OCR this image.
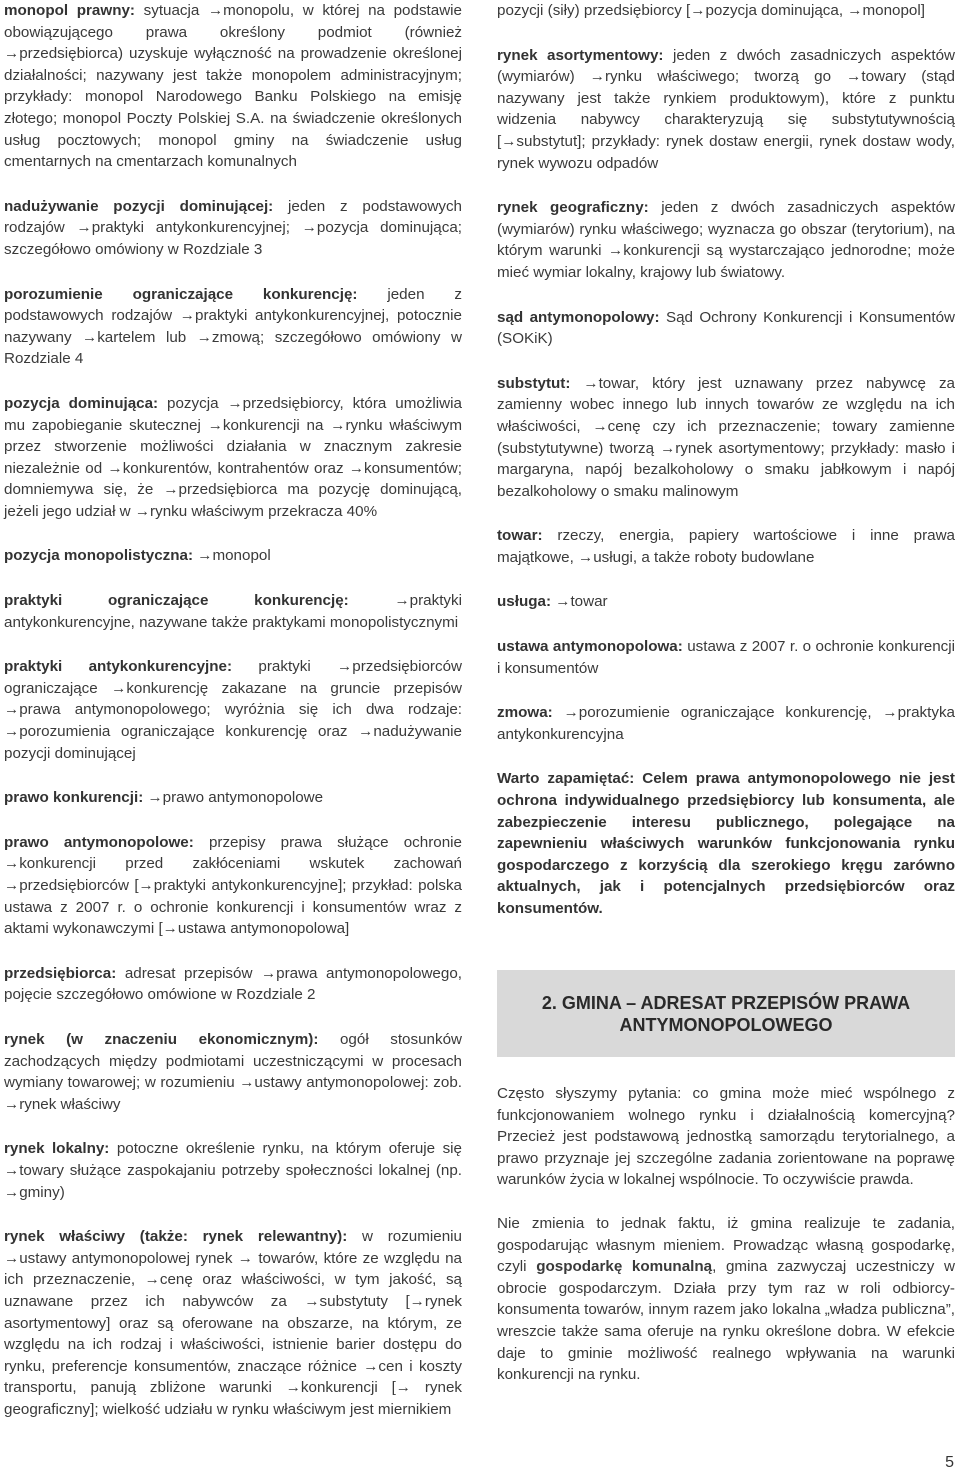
monopol prawny: sytuacja →monopolu, w której na podstawie obowiązującego prawa określony podmiot (również →przedsiębiorca) uzyskuje wyłączność na prowadzenie określonej działalności; nazywany jest także monopolem administracyjnym; przykłady: monopol Narodowego Banku Polskiego na emisję złotego; monopol Poczty Polskiej S.A. na świadczenie określonych usług pocztowych; monopol gminy na świadczenie usług cmentarnych na cmentarzach komunalnych

nadużywanie pozycji dominującej: jeden z podstawowych rodzajów →praktyki antykonkurencyjnej; →pozycja dominująca; szczegółowo omówiony w Rozdziale 3

porozumienie ograniczające konkurencję: jeden z podstawowych rodzajów →praktyki antykonkurencyjnej, potocznie nazywany →kartelem lub →zmową; szczegółowo omówiony w Rozdziale 4

pozycja dominująca: pozycja →przedsiębiorcy, która umożliwia mu zapobieganie skutecznej →konkurencji na →rynku właściwym przez stworzenie możliwości działania w znacznym zakresie niezależnie od →konkurentów, kontrahentów oraz →konsumentów; domniemywa się, że →przedsiębiorca ma pozycję dominującą, jeżeli jego udział w →rynku właściwym przekracza 40%

pozycja monopolistyczna: →monopol

praktyki ograniczające konkurencję:	→praktyki antykonkurencyjne, nazywane także praktykami monopolistycznymi

praktyki antykonkurencyjne: praktyki →przedsiębiorców ograniczające →konkurencję zakazane na gruncie przepisów →prawa antymonopolowego; wyróżnia się ich dwa rodzaje: →porozumienia ograniczające konkurencję oraz →nadużywanie pozycji dominującej

prawo konkurencji: →prawo antymonopolowe

prawo antymonopolowe: przepisy prawa służące ochronie →konkurencji przed zakłóceniami wskutek zachowań →przedsiębiorców [→praktyki antykonkurencyjne]; przykład: polska ustawa z 2007 r. o ochronie konkurencji i konsumentów wraz z aktami wykonawczymi [→ustawa antymonopolowa]

przedsiębiorca: adresat przepisów →prawa antymonopolowego, pojęcie szczegółowo omówione w Rozdziale 2

rynek (w znaczeniu ekonomicznym): ogół stosunków zachodzących między podmiotami uczestniczącymi w procesach wymiany towarowej; w rozumieniu →ustawy antymonopolowej: zob. →rynek właściwy

rynek lokalny: potoczne określenie rynku, na którym oferuje się →towary służące zaspokajaniu potrzeby społeczności lokalnej (np. →gminy)

rynek właściwy (także: rynek relewantny): w rozumieniu →ustawy antymonopolowej rynek → towarów, które ze względu na ich przeznaczenie, →cenę oraz właściwości, w tym jakość, są uznawane przez ich nabywców za →substytuty [→rynek asortymentowy] oraz są oferowane na obszarze, na którym, ze względu na ich rodzaj i właściwości, istnienie barier dostępu do rynku, preferencje konsumentów, znaczące różnice →cen i koszty transportu, panują zbliżone warunki →konkurencji [→ rynek geograficzny]; wielkość udziału w rynku właściwym jest miernikiem

pozycji (siły) przedsiębiorcy [→pozycja dominująca, →monopol]

rynek asortymentowy: jeden z dwóch zasadniczych aspektów (wymiarów) →rynku właściwego; tworzą go →towary (stąd nazywany jest także rynkiem produktowym), które z punktu widzenia nabywcy charakteryzują się substytutywnością [→substytut]; przykłady: rynek dostaw energii, rynek dostaw wody, rynek wywozu odpadów

rynek geograficzny: jeden z dwóch zasadniczych aspektów (wymiarów) rynku właściwego; wyznacza go obszar (terytorium), na którym warunki →konkurencji są wystarczająco jednorodne; może mieć wymiar lokalny, krajowy lub światowy.

sąd antymonopolowy: Sąd Ochrony Konkurencji i Konsumentów (SOKiK)

substytut: →towar, który jest uznawany przez nabywcę za zamienny wobec innego lub innych towarów ze względu na ich właściwości, →cenę czy ich przeznaczenie; towary zamienne (substytutywne) tworzą →rynek asortymentowy; przykłady: masło i margaryna, napój bezalkoholowy o smaku jabłkowym i napój bezalkoholowy o smaku malinowym

towar: rzeczy, energia, papiery wartościowe i inne prawa majątkowe, →usługi, a także roboty budowlane

usługa: →towar

ustawa antymonopolowa: ustawa z 2007 r. o ochronie konkurencji i konsumentów

zmowa: →porozumienie ograniczające konkurencję, →praktyka antykonkurencyjna

Warto zapamiętać: Celem prawa antymonopolowego nie jest ochrona indywidualnego przedsiębiorcy lub konsumenta, ale zabezpieczenie interesu publicznego, polegające na zapewnieniu właściwych warunków funkcjonowania rynku gospodarczego z korzyścią dla szerokiego kręgu zarówno aktualnych, jak i potencjalnych przedsiębiorców oraz konsumentów.

2. GMINA – ADRESAT PRZEPISÓW PRAWA ANTYMONOPOLOWEGO

Często słyszymy pytania: co gmina może mieć wspólnego z funkcjonowaniem wolnego rynku i działalnością komercyjną? Przecież jest podstawową jednostką samorządu terytorialnego, a prawo przyznaje jej szczególne zadania zorientowane na poprawę warunków życia w lokalnej wspólnocie. To oczywiście prawda.

Nie zmienia to jednak faktu, iż gmina realizuje te zadania, gospodarując własnym mieniem. Prowadząc własną gospodarkę, czyli gospodarkę komunalną, gmina zazwyczaj uczestniczy w obrocie gospodarczym. Działa przy tym raz w roli odbiorcy-konsumenta towarów, innym razem jako lokalna „władza publiczna”, wreszcie także sama oferuje na rynku określone dobra. W efekcie daje to gminie możliwość realnego wpływania na warunki konkurencji na rynku.

5
